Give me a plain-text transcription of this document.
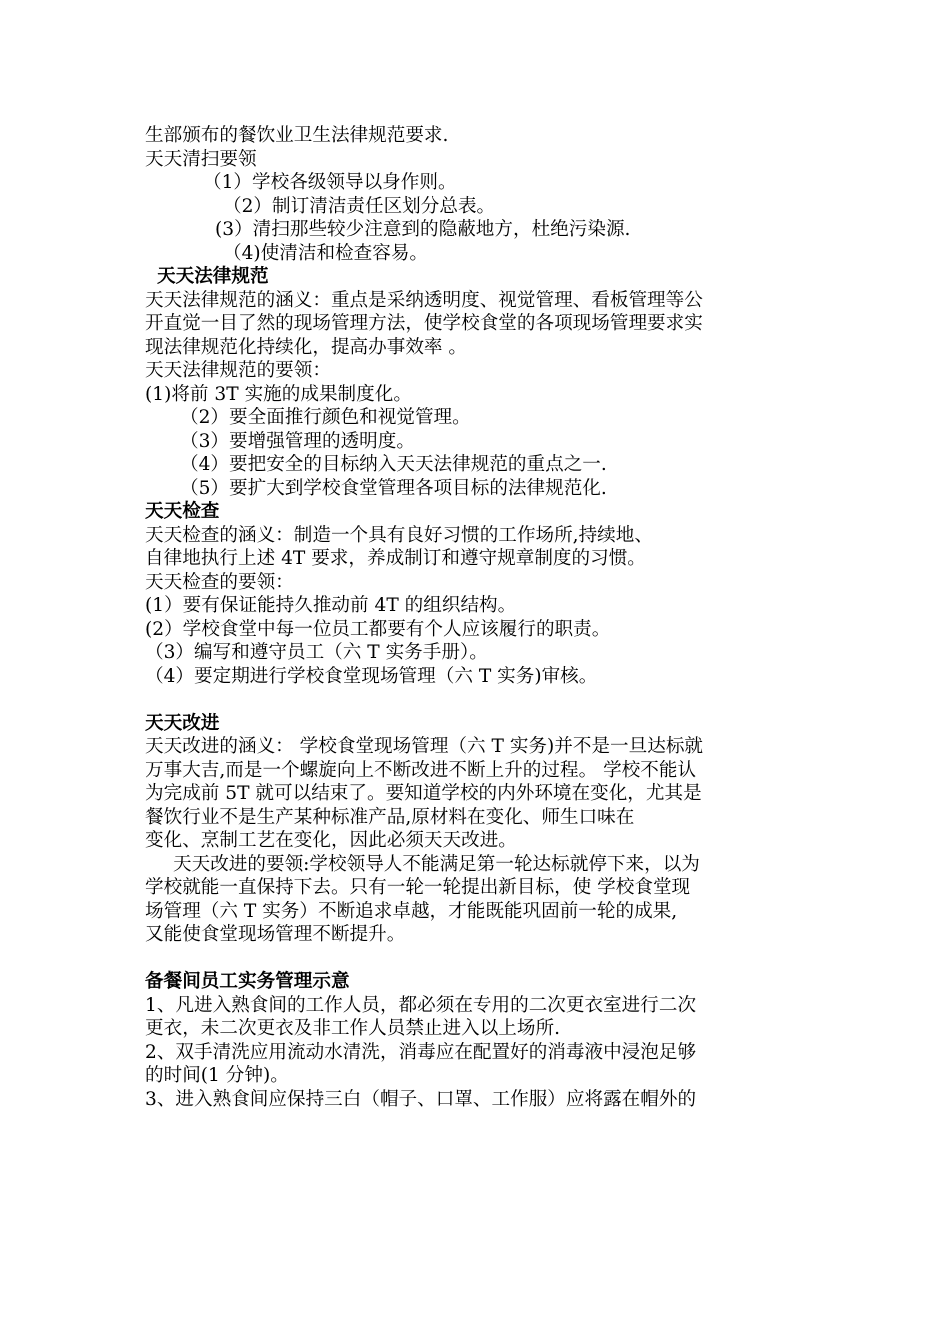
生部颁布的餐饮业卫生法律规范要求.
天天清扫要领
（1）学校各级领导以身作则。
（2）制订清洁责任区划分总表。
(3）清扫那些较少注意到的隐蔽地方，杜绝污染源.
（4)使清洁和检查容易。
天天法律规范
天天法律规范的涵义：重点是采纳透明度、视觉管理、看板管理等公
开直觉一目了然的现场管理方法，使学校食堂的各项现场管理要求实
现法律规范化持续化，提高办事效率 。
天天法律规范的要领：
(1)将前 3T 实施的成果制度化。
（2）要全面推行颜色和视觉管理。
（3）要增强管理的透明度。
（4）要把安全的目标纳入天天法律规范的重点之一.
（5）要扩大到学校食堂管理各项目标的法律规范化.
天天检查
天天检查的涵义：制造一个具有良好习惯的工作场所,持续地、
自律地执行上述 4T 要求，养成制订和遵守规章制度的习惯。
天天检查的要领：
(1）要有保证能持久推动前 4T 的组织结构。
(2）学校食堂中每一位员工都要有个人应该履行的职责。
（3）编写和遵守员工（六 T 实务手册）。
（4）要定期进行学校食堂现场管理（六 T 实务)审核。
天天改进
天天改进的涵义： 学校食堂现场管理（六 T 实务)并不是一旦达标就
万事大吉,而是一个螺旋向上不断改进不断上升的过程。 学校不能认
为完成前 5T 就可以结束了。要知道学校的内外环境在变化，尤其是
餐饮行业不是生产某种标准产品,原材料在变化、师生口味在
变化、烹制工艺在变化，因此必须天天改进。
天天改进的要领:学校领导人不能满足第一轮达标就停下来，以为
学校就能一直保持下去。只有一轮一轮提出新目标，使 学校食堂现
场管理（六 T 实务）不断追求卓越，才能既能巩固前一轮的成果,
又能使食堂现场管理不断提升。
备餐间员工实务管理示意
1、凡进入熟食间的工作人员，都必须在专用的二次更衣室进行二次
更衣，未二次更衣及非工作人员禁止进入以上场所.
2、双手清洗应用流动水清洗，消毒应在配置好的消毒液中浸泡足够
的时间(1 分钟)。
3、进入熟食间应保持三白（帽子、口罩、工作服）应将露在帽外的
